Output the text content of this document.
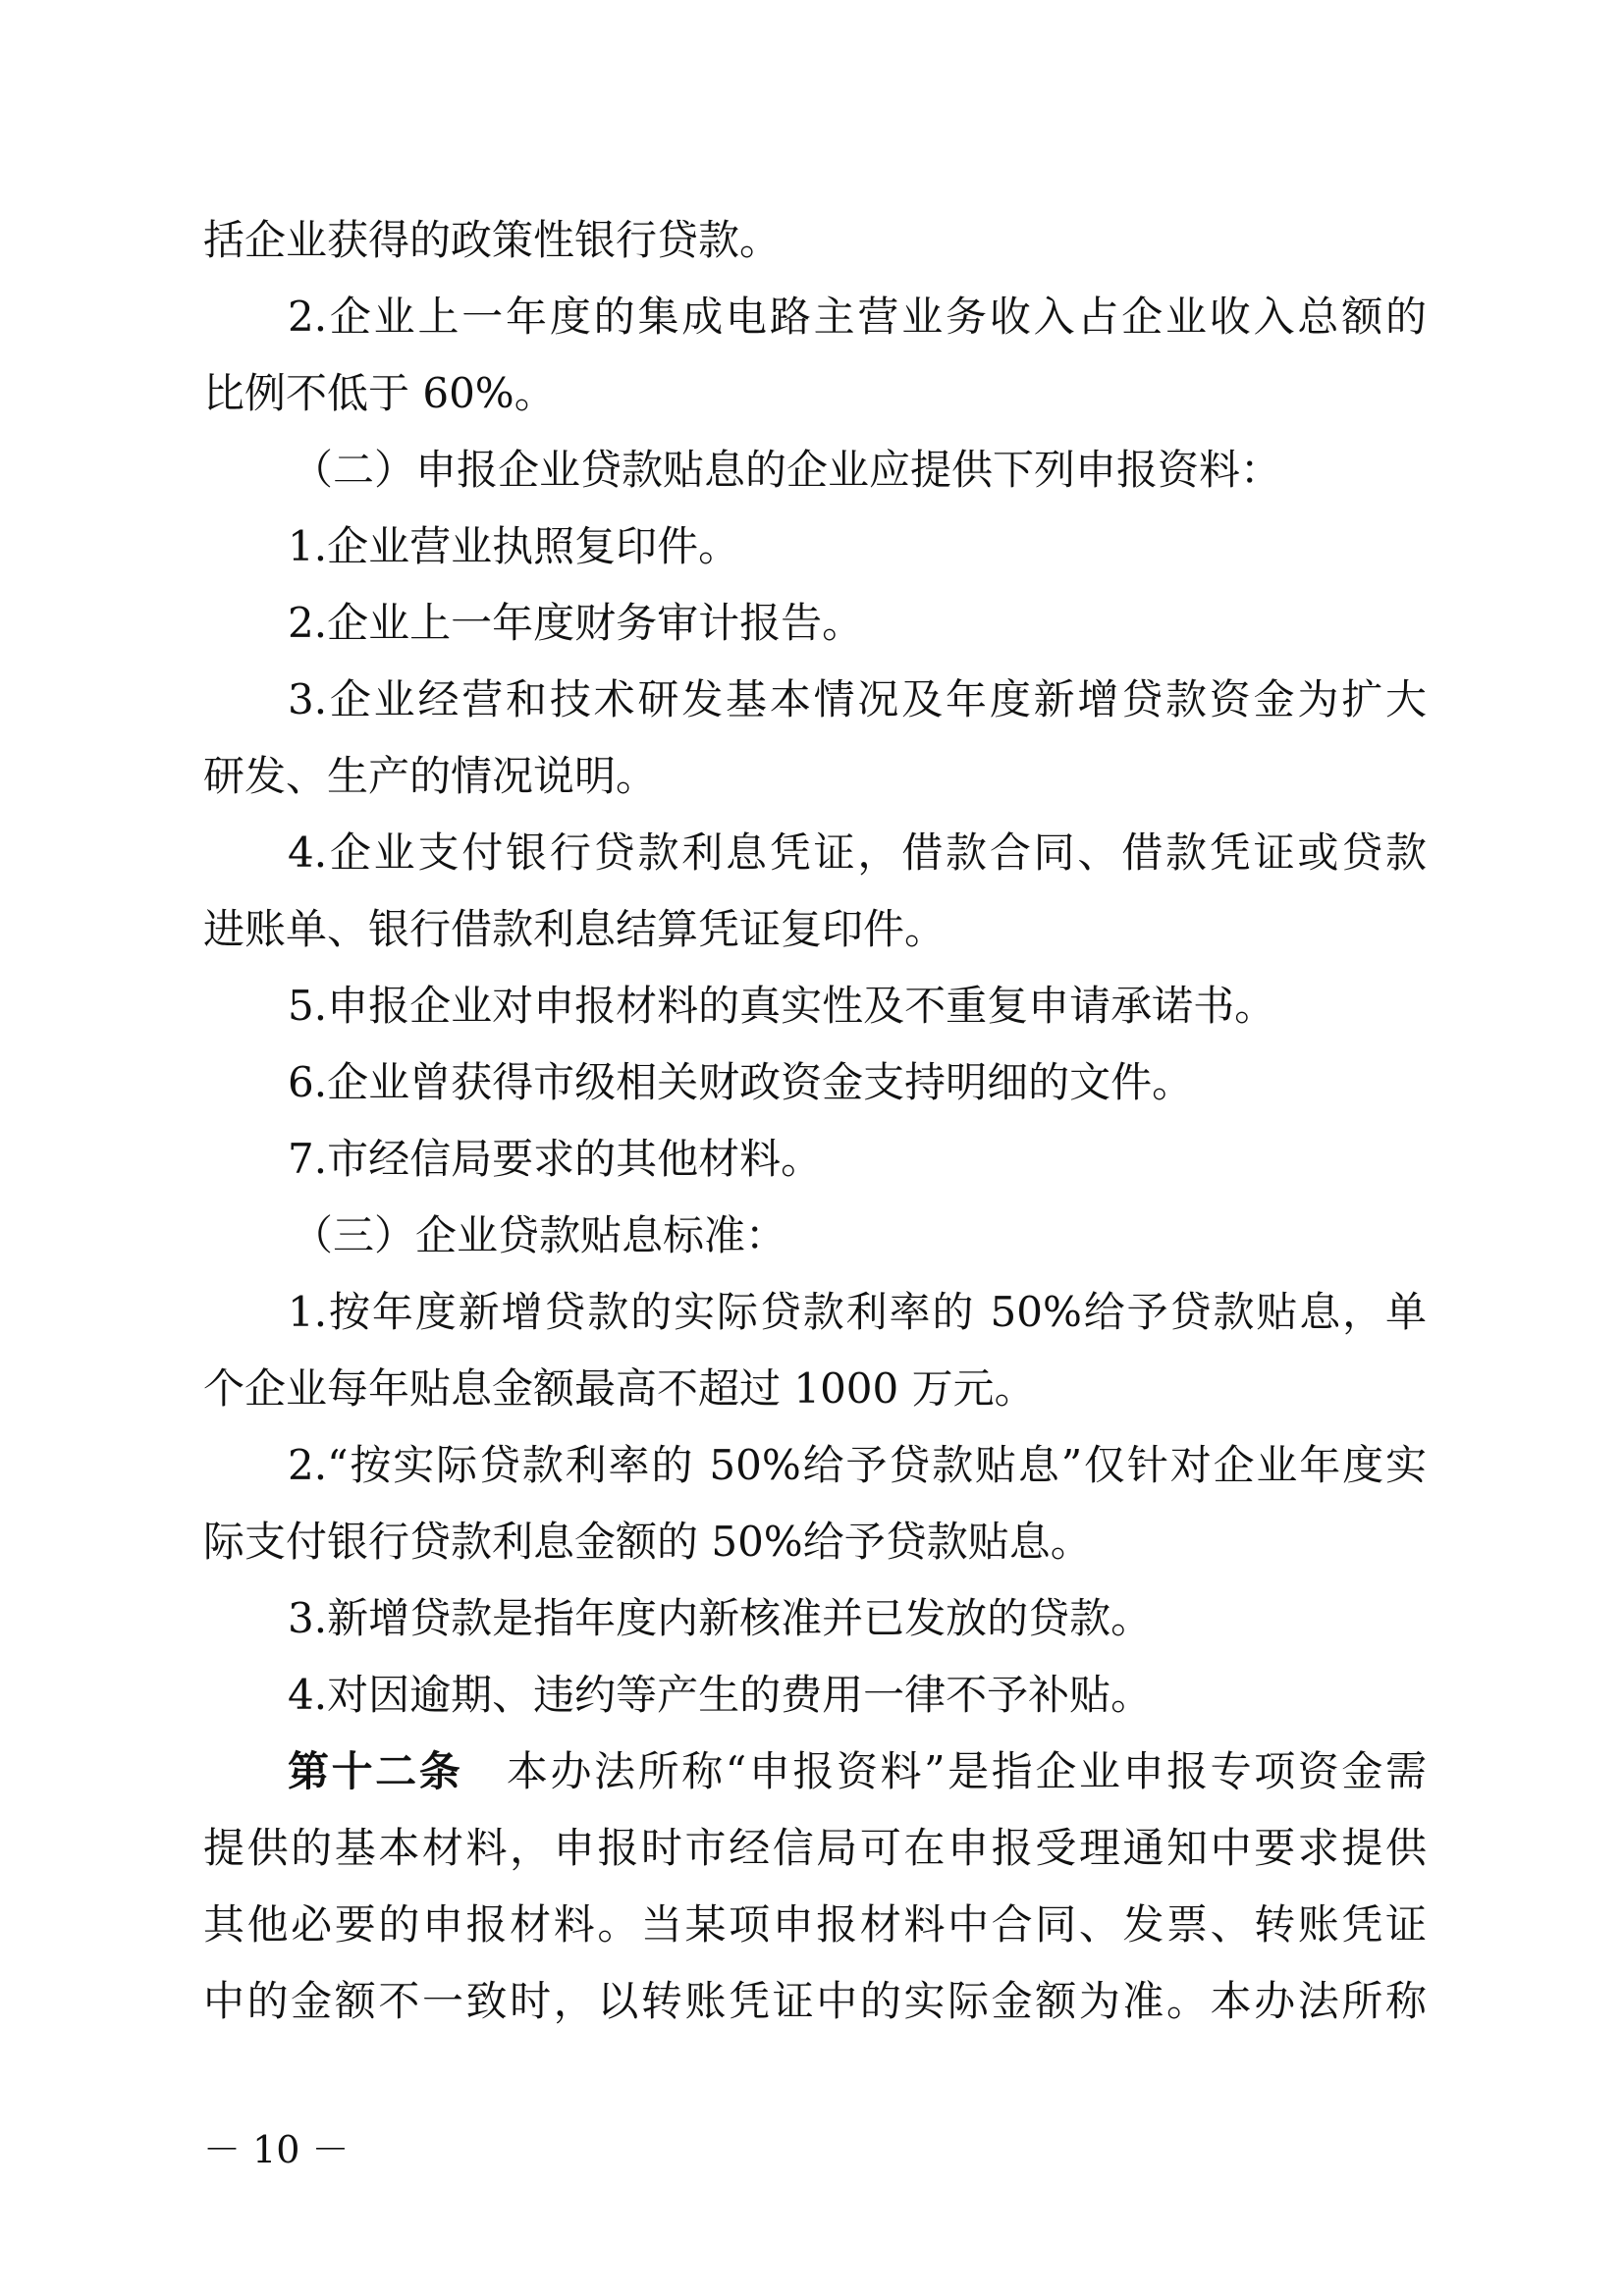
括企业获得的政策性银行贷款。
2.企业上一年度的集成电路主营业务收入占企业收入总额的
比例不低于 60%。
（二）申报企业贷款贴息的企业应提供下列申报资料：
1.企业营业执照复印件。
2.企业上一年度财务审计报告。
3.企业经营和技术研发基本情况及年度新增贷款资金为扩大
研发、生产的情况说明。
4.企业支付银行贷款利息凭证，借款合同、借款凭证或贷款
进账单、银行借款利息结算凭证复印件。
5.申报企业对申报材料的真实性及不重复申请承诺书。
6.企业曾获得市级相关财政资金支持明细的文件。
7.市经信局要求的其他材料。
（三）企业贷款贴息标准：
1.按年度新增贷款的实际贷款利率的 50%给予贷款贴息，单
个企业每年贴息金额最高不超过 1000 万元。
2.“按实际贷款利率的 50%给予贷款贴息”仅针对企业年度实
际支付银行贷款利息金额的 50%给予贷款贴息。
3.新增贷款是指年度内新核准并已发放的贷款。
4.对因逾期、违约等产生的费用一律不予补贴。
第十二条　 本办法所称“申报资料”是指企业申报专项资金需
提供的基本材料，申报时市经信局可在申报受理通知中要求提供
其他必要的申报材料。当某项申报材料中合同、发票、转账凭证
中的金额不一致时，以转账凭证中的实际金额为准。本办法所称
－ 10 －
